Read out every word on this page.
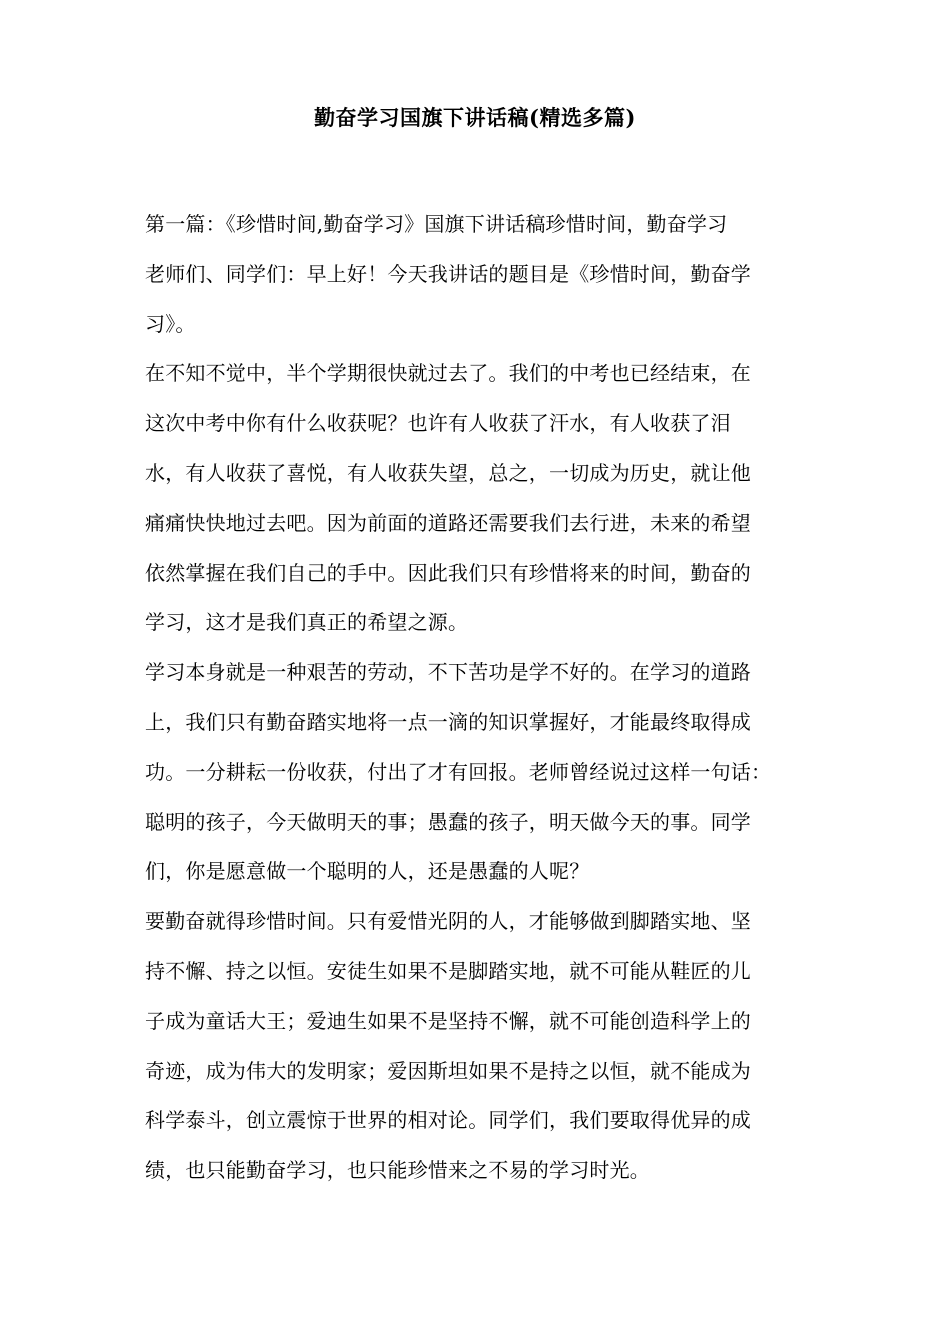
勤奋学习国旗下讲话稿(精选多篇)
第一篇：《珍惜时间,勤奋学习》国旗下讲话稿珍惜时间，勤奋学习
老师们、同学们：早上好！今天我讲话的题目是《珍惜时间，勤奋学
习》。
在不知不觉中，半个学期很快就过去了。我们的中考也已经结束，在
这次中考中你有什么收获呢？也许有人收获了汗水，有人收获了泪
水，有人收获了喜悦，有人收获失望，总之，一切成为历史，就让他
痛痛快快地过去吧。因为前面的道路还需要我们去行进，未来的希望
依然掌握在我们自己的手中。因此我们只有珍惜将来的时间，勤奋的
学习，这才是我们真正的希望之源。
学习本身就是一种艰苦的劳动，不下苦功是学不好的。在学习的道路
上，我们只有勤奋踏实地将一点一滴的知识掌握好，才能最终取得成
功。一分耕耘一份收获，付出了才有回报。老师曾经说过这样一句话：
聪明的孩子，今天做明天的事；愚蠢的孩子，明天做今天的事。同学
们，你是愿意做一个聪明的人，还是愚蠢的人呢？
要勤奋就得珍惜时间。只有爱惜光阴的人，才能够做到脚踏实地、坚
持不懈、持之以恒。安徒生如果不是脚踏实地，就不可能从鞋匠的儿
子成为童话大王；爱迪生如果不是坚持不懈，就不可能创造科学上的
奇迹，成为伟大的发明家；爱因斯坦如果不是持之以恒，就不能成为
科学泰斗，创立震惊于世界的相对论。同学们，我们要取得优异的成
绩，也只能勤奋学习，也只能珍惜来之不易的学习时光。
